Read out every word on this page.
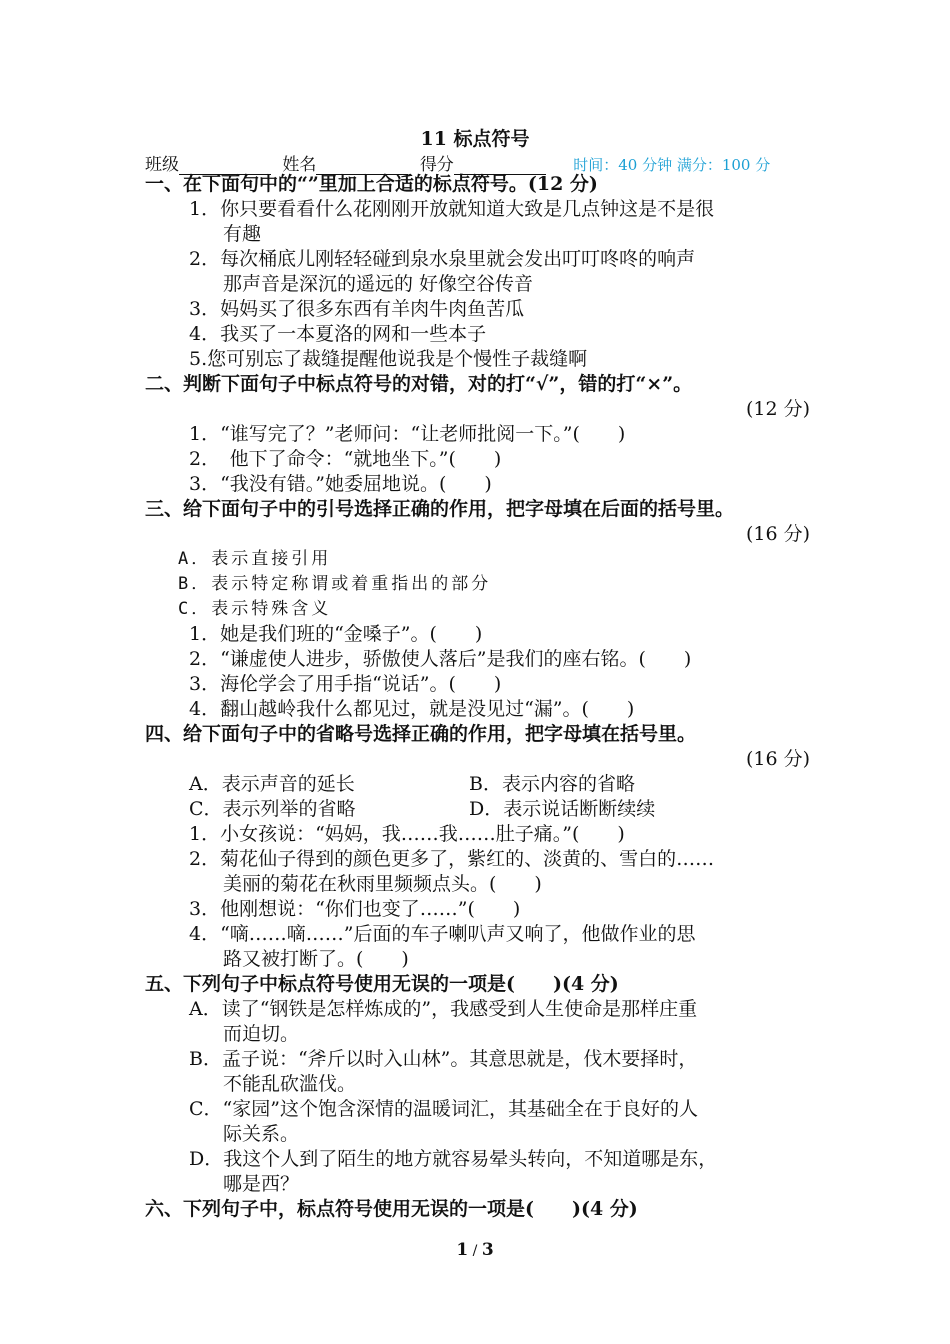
11 标点符号
班级	姓名	得分	时间：40 分钟 满分：100 分
一、在下面句中的“”里加上合适的标点符号。(12 分)
1．你只要看看什么花刚刚开放就知道大致是几点钟这是不是很
有趣
2．每次桶底儿刚轻轻碰到泉水泉里就会发出叮叮咚咚的响声
那声音是深沉的遥远的 好像空谷传音
3．妈妈买了很多东西有羊肉牛肉鱼苦瓜
4．我买了一本夏洛的网和一些本子
5.您可别忘了裁缝提醒他说我是个慢性子裁缝啊
二、判断下面句子中标点符号的对错，对的打“√”，错的打“×”。
(12 分)
1．“谁写完了？”老师问：“让老师批阅一下。”(　　)
2．　他下了命令：“就地坐下。”(　　)
3．“我没有错。”她委屈地说。(　　)
三、给下面句子中的引号选择正确的作用，把字母填在后面的括号里。
(16 分)
A．表示直接引用
B．表示特定称谓或着重指出的部分
C．表示特殊含义
1．她是我们班的“金嗓子”。(　　)
2．“谦虚使人进步，骄傲使人落后”是我们的座右铭。(　　)
3．海伦学会了用手指“说话”。(　　)
4．翻山越岭我什么都见过，就是没见过“漏”。(　　)
四、给下面句子中的省略号选择正确的作用，把字母填在括号里。
(16 分)
A．表示声音的延长	B．表示内容的省略
C．表示列举的省略	D．表示说话断断续续
1．小女孩说：“妈妈，我……我……肚子痛。”(　　)
2．菊花仙子得到的颜色更多了，紫红的、淡黄的、雪白的……
美丽的菊花在秋雨里频频点头。(　　)
3．他刚想说：“你们也变了……”(　　)
4．“嘀……嘀……”后面的车子喇叭声又响了，他做作业的思
路又被打断了。(　　)
五、下列句子中标点符号使用无误的一项是(　　)(4 分)
A．读了“钢铁是怎样炼成的”，我感受到人生使命是那样庄重
而迫切。
B．孟子说：“斧斤以时入山林”。其意思就是，伐木要择时，
不能乱砍滥伐。
C．“家园”这个饱含深情的温暖词汇，其基础全在于良好的人
际关系。
D．我这个人到了陌生的地方就容易晕头转向，不知道哪是东，
哪是西？
六、下列句子中，标点符号使用无误的一项是(　　)(4 分)
1 / 3
